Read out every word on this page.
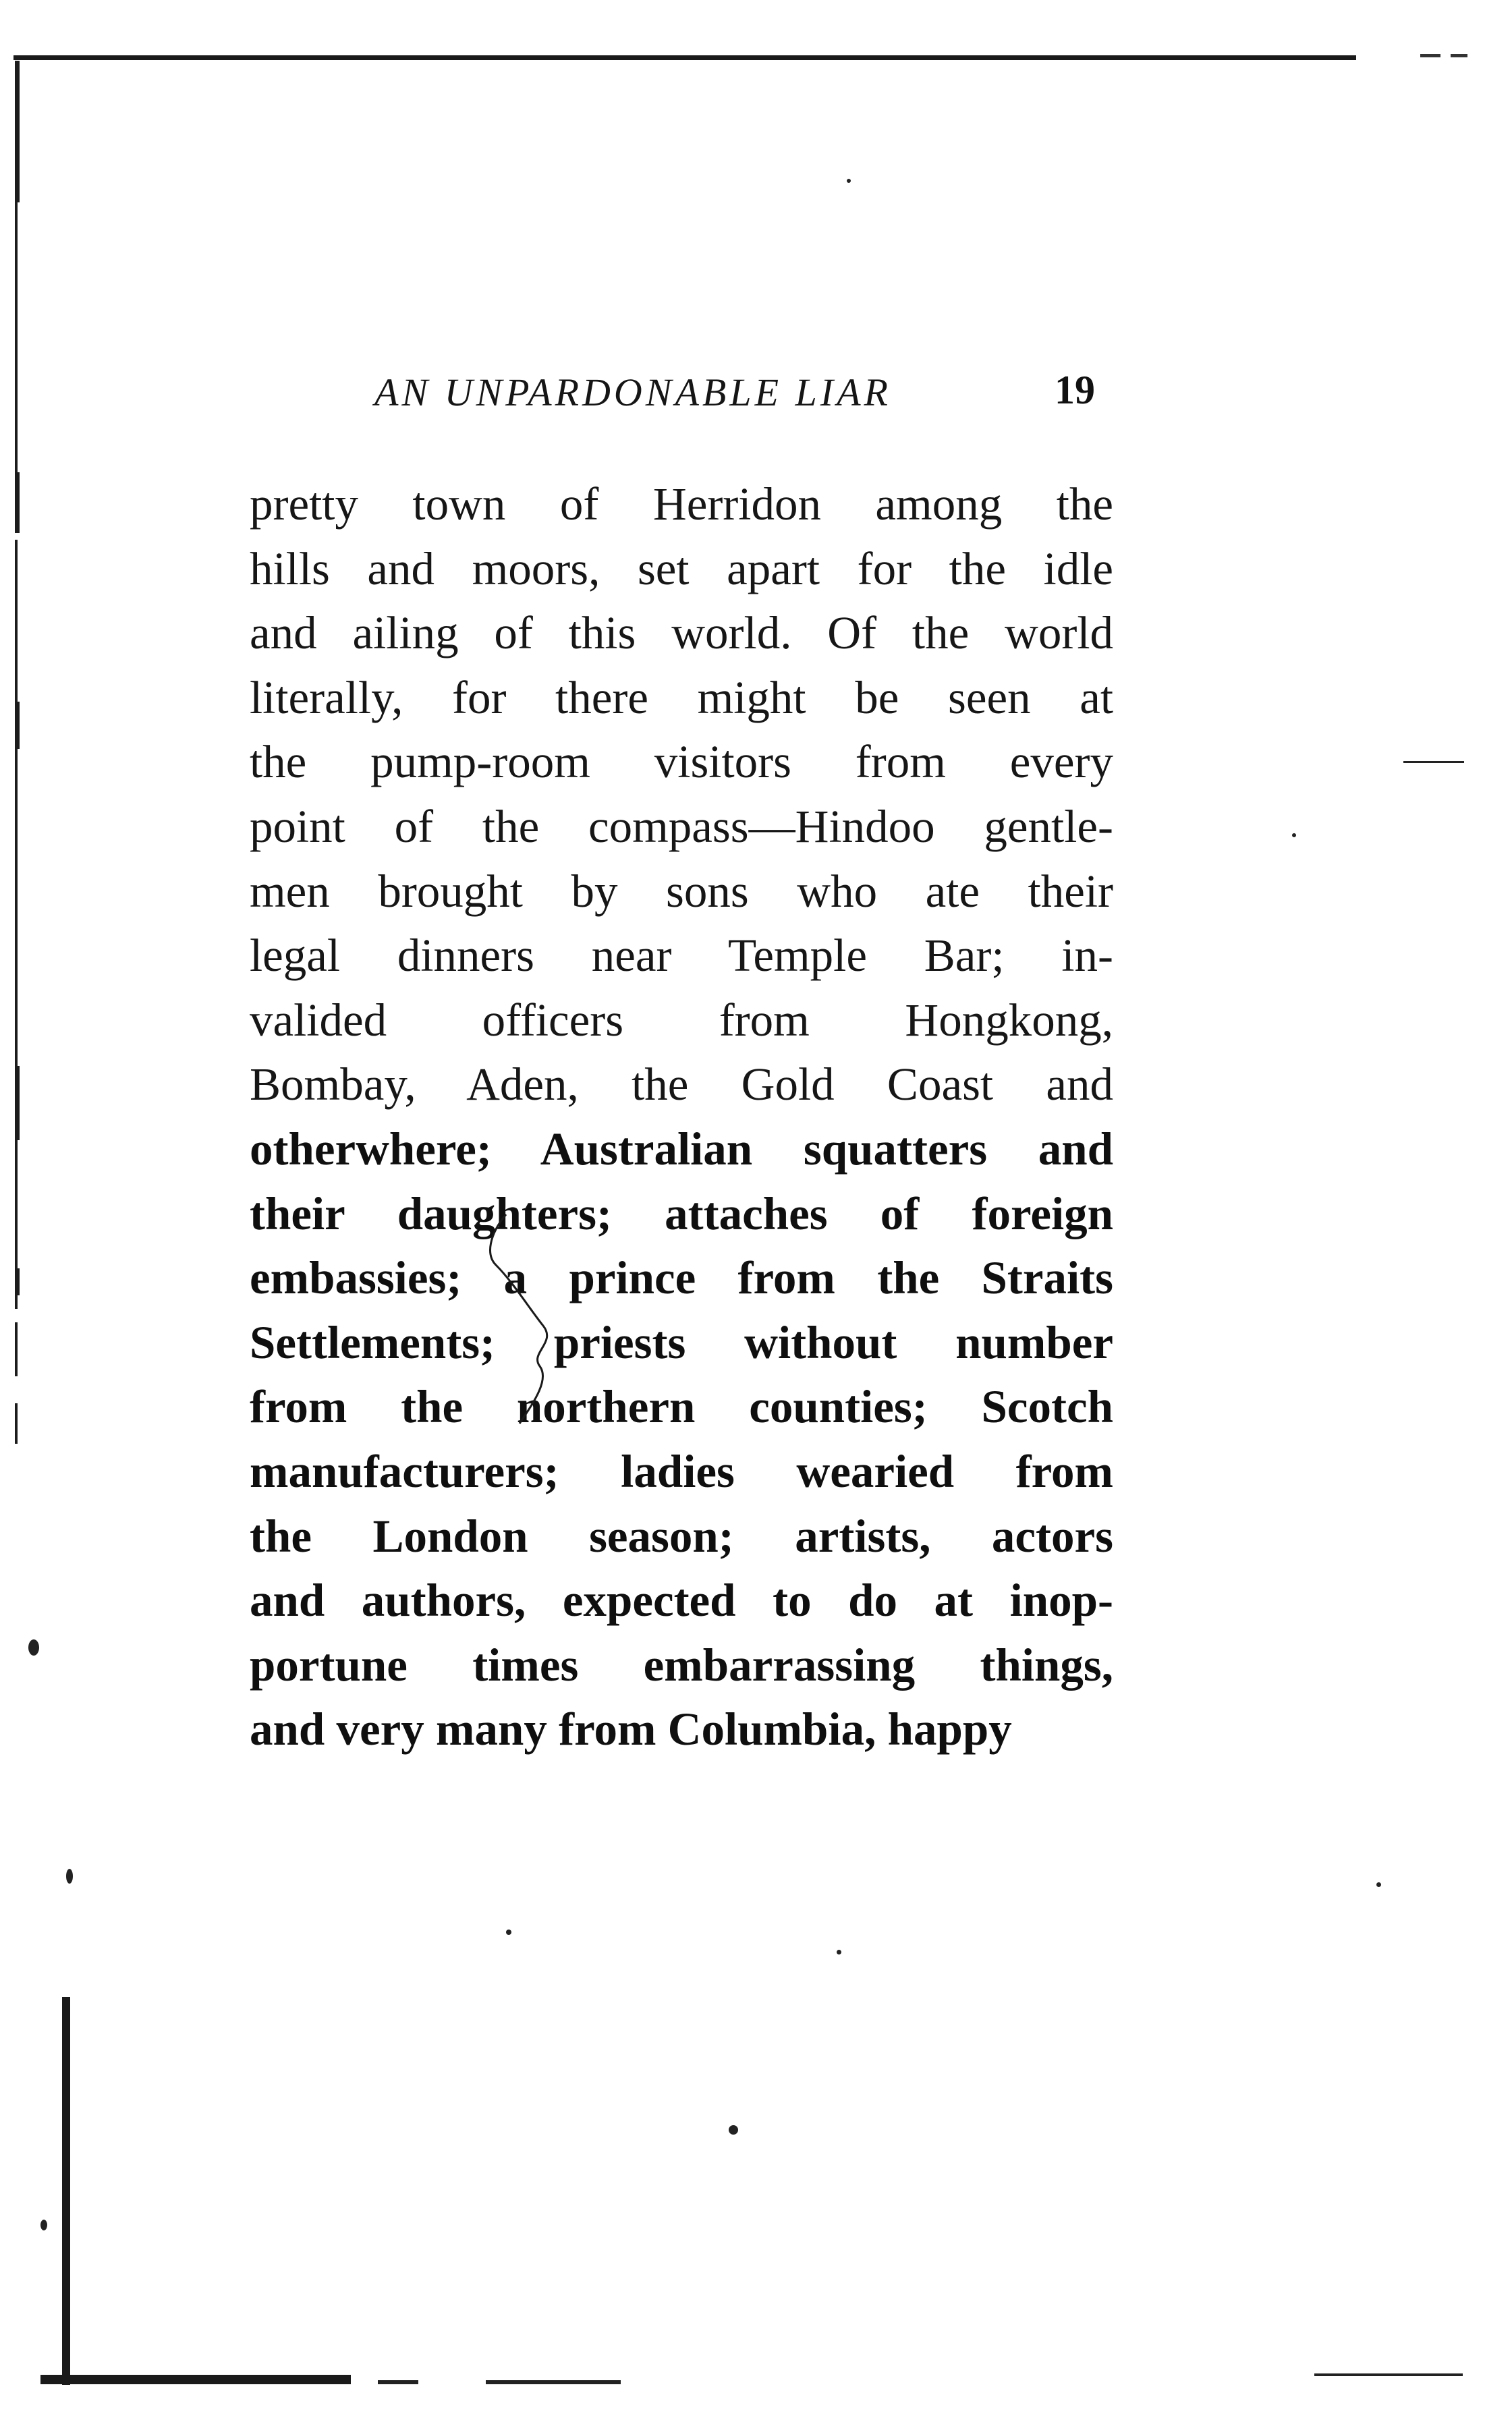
AN UNPARDONABLE LIAR	19
pretty town of Herridon among the
hills and moors, set apart for the idle
and ailing of this world. Of the world
literally, for there might be seen at
the pump-room visitors from every
point of the compass—Hindoo gentle-
men brought by sons who ate their
legal dinners near Temple Bar; in-
valided officers from Hongkong,
Bombay, Aden, the Gold Coast and
otherwhere; Australian squatters and
their daughters; attaches of foreign
embassies; a prince from the Straits
Settlements; priests without number
from the northern counties; Scotch
manufacturers; ladies wearied from
the London season; artists, actors
and authors, expected to do at inop-
portune times embarrassing things,
and very many from Columbia, happy
